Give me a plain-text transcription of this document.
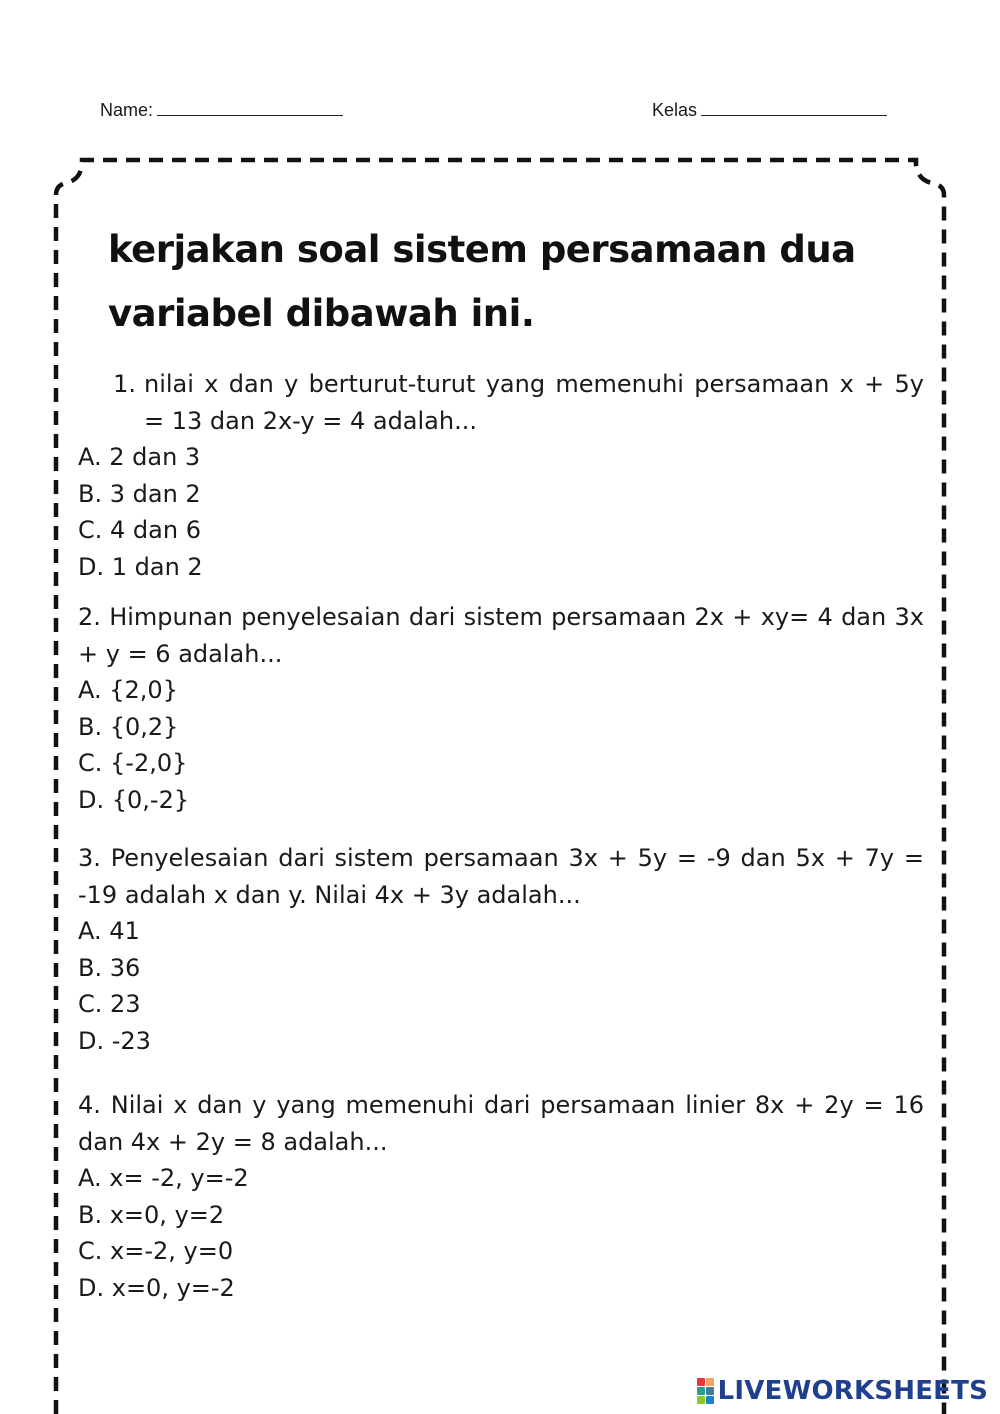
Name:	Kelas
kerjakan soal sistem persamaan dua variabel dibawah ini.
1. nilai x dan y berturut-turut yang memenuhi persamaan x + 5y = 13 dan 2x-y = 4 adalah...

A. 2 dan 3

B. 3 dan 2

C. 4 dan 6

D. 1 dan 2

2. Himpunan penyelesaian dari sistem persamaan 2x + xy= 4 dan 3x + y = 6 adalah...

A. {2,0}

B. {0,2}

C. {-2,0}

D. {0,-2}

3. Penyelesaian dari sistem persamaan 3x + 5y = -9 dan 5x + 7y = -19 adalah x dan y. Nilai 4x + 3y adalah...

A. 41

B. 36

C. 23

D. -23

4. Nilai x dan y yang memenuhi dari persamaan linier 8x + 2y = 16 dan 4x + 2y = 8 adalah...

A. x= -2, y=-2

B. x=0, y=2

C. x=-2, y=0

D. x=0, y=-2

LIVEWORKSHEETS
